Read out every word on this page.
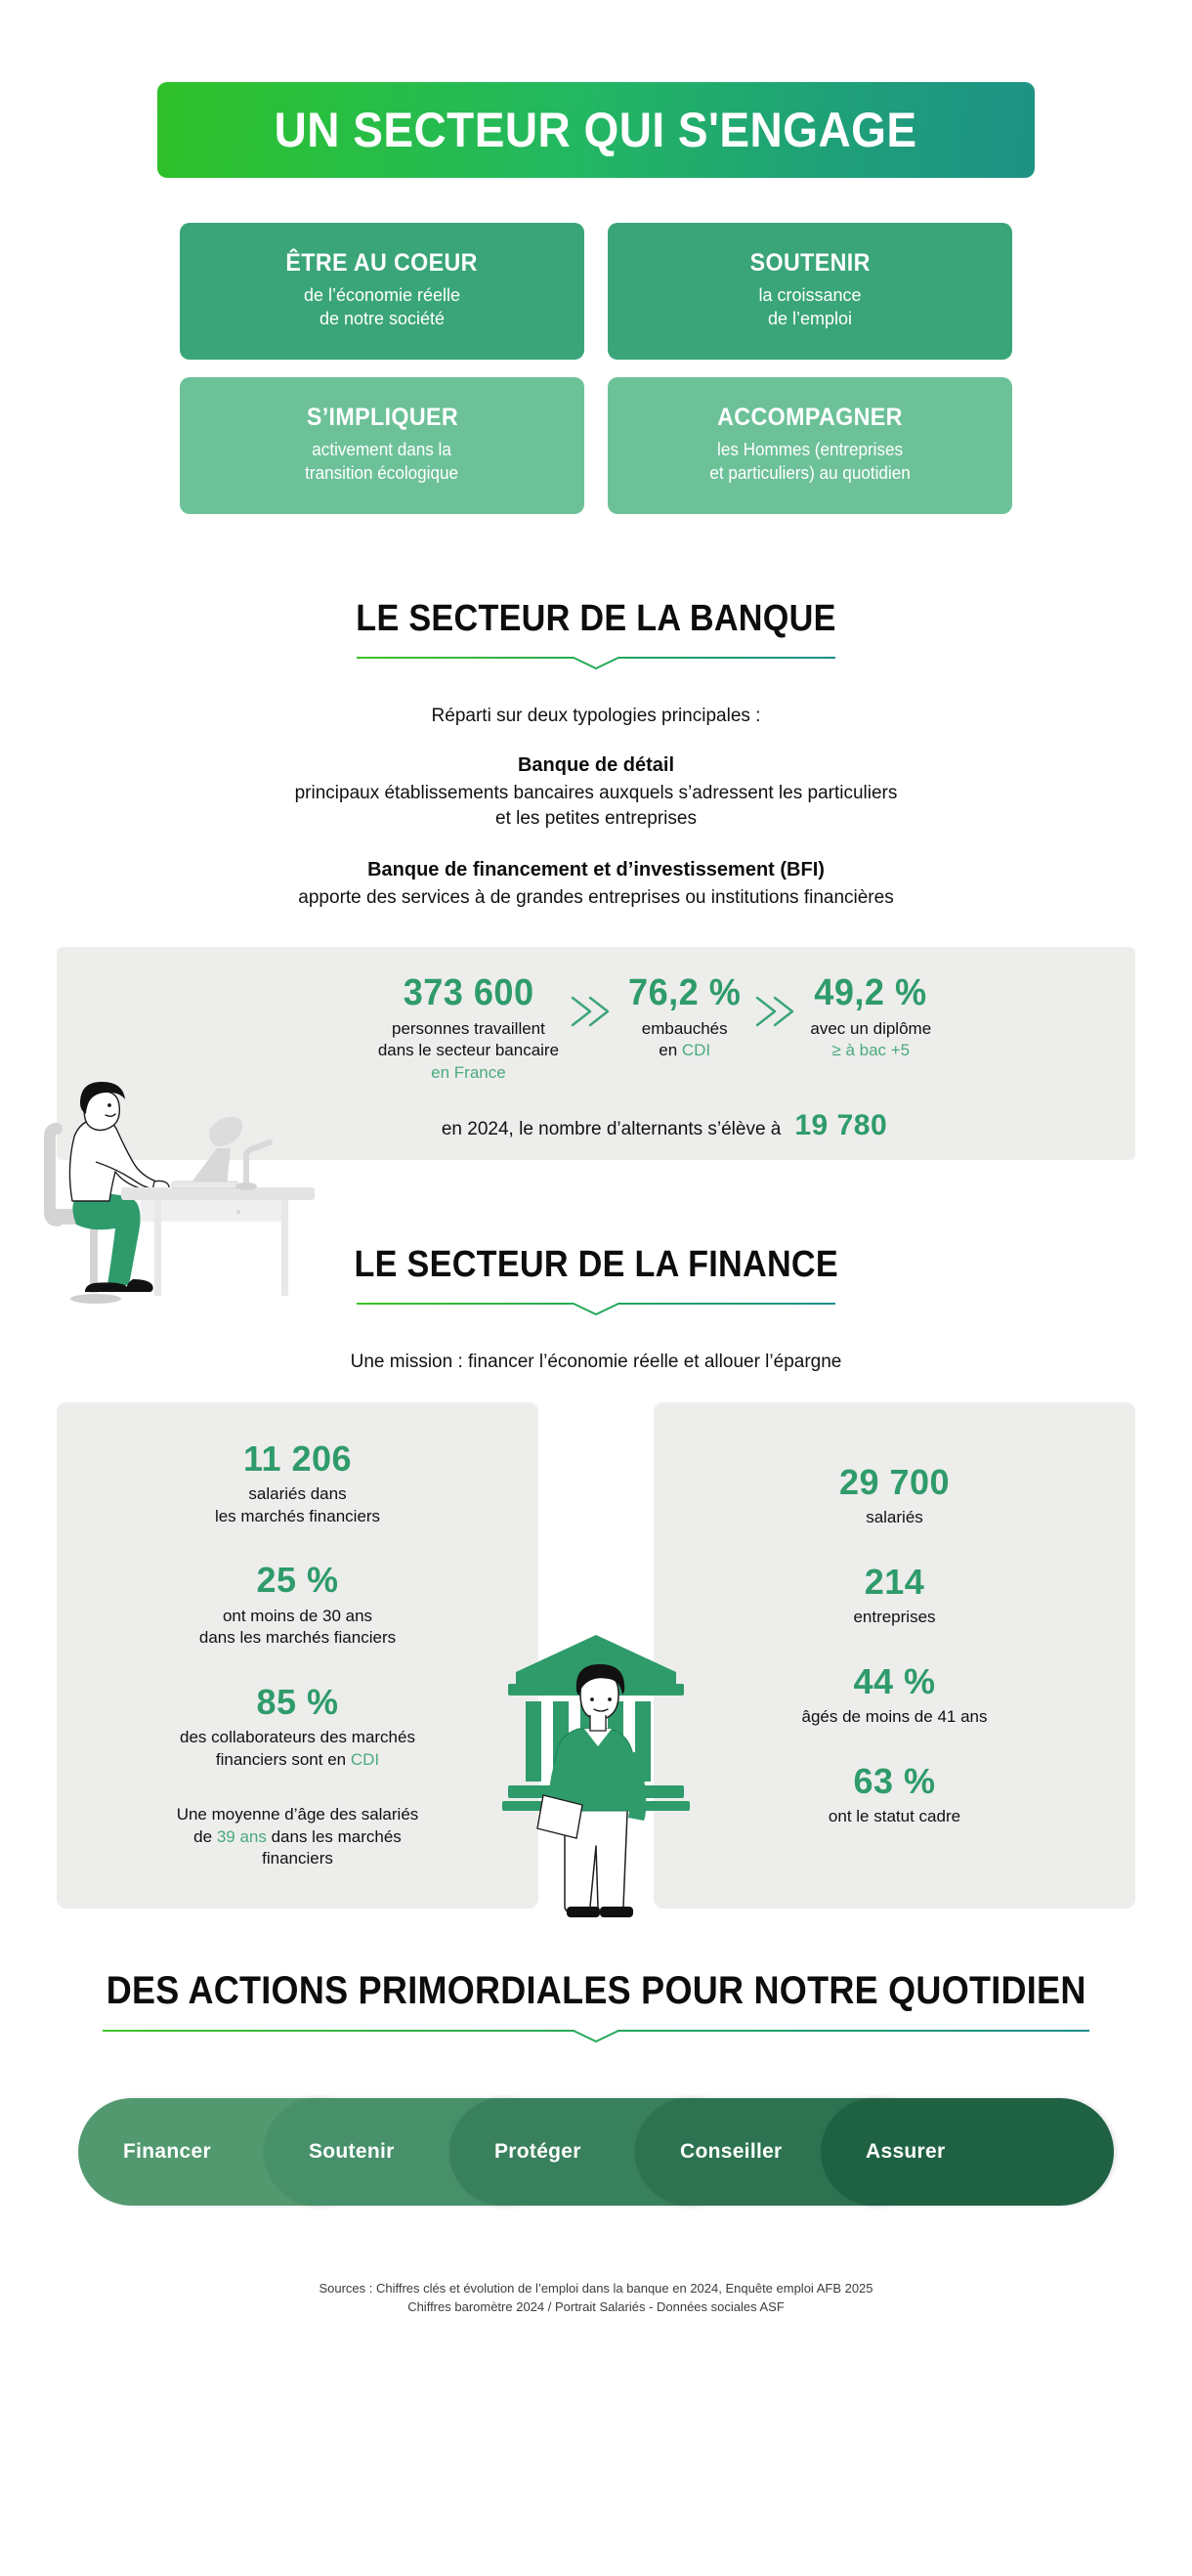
UN SECTEUR QUI S'ENGAGE
ÊTRE AU COEUR
de l’économie réelle
de notre société
SOUTENIR
la croissance
de l’emploi
S’IMPLIQUER
activement dans la
transition écologique
ACCOMPAGNER
les Hommes (entreprises
et particuliers) au quotidien
LE SECTEUR DE LA BANQUE
Réparti sur deux typologies principales :
Banque de détail
principaux établissements bancaires auxquels s’adressent les particuliers
et les petites entreprises
Banque de financement et d’investissement (BFI)
apporte des services à de grandes entreprises ou institutions financières
373 600
personnes travaillent
dans le secteur bancaire
en France
76,2 %
embauchés
en CDI
49,2 %
avec un diplôme
≥ à bac +5
en 2024, le nombre d’alternants s’élève à 19 780
LE SECTEUR DE LA FINANCE
Une mission : financer l’économie réelle et allouer l’épargne
11 206
salariés dans
les marchés financiers
25 %
ont moins de 30 ans
dans les marchés fianciers
85 %
des collaborateurs des marchés
financiers sont en CDI
Une moyenne d’âge des salariés
de 39 ans dans les marchés
financiers
29 700
salariés
214
entreprises
44 %
âgés de moins de 41 ans
63 %
ont le statut cadre
DES ACTIONS PRIMORDIALES POUR NOTRE QUOTIDIEN
Financer	Soutenir	Protéger	Conseiller	Assurer
Sources : Chiffres clés et évolution de l’emploi dans la banque en 2024, Enquête emploi AFB 2025
Chiffres baromètre 2024 / Portrait Salariés - Données sociales ASF
